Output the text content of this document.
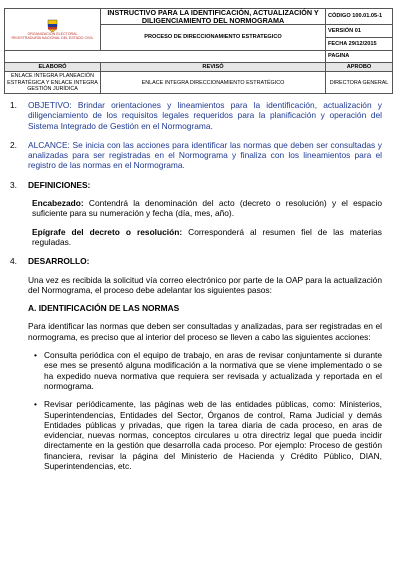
ORGANIZACIÓN ELECTORAL
REGISTRADURÍA NACIONAL DEL ESTADO CIVIL	INSTRUCTIVO PARA LA IDENTIFICACIÓN, ACTUALIZACIÓN Y DILIGENCIAMIENTO DEL NORMOGRAMA	CÓDIGO 100.01.05-1
	PROCESO DE DIRECCIONAMIENTO ESTRATEGICO	VERSIÓN 01
		FECHA 29/12/2015
		PAGINA
ELABORÓ	REVISÓ	APROBO
ENLACE INTEGRA PLANEACIÓN ESTRATÉGICA Y ENLACE INTEGRA GESTIÓN JURÍDICA	ENLACE INTEGRA DIRECCIONAMIENTO ESTRATÉGICO	DIRECTORA GENERAL
1. OBJETIVO: Brindar orientaciones y lineamientos para la identificación, actualización y diligenciamiento de los requisitos legales requeridos para la planificación y operación del Sistema Integrado de Gestión en el Normograma.
2. ALCANCE: Se inicia con las acciones para identificar las normas que deben ser consultadas y analizadas para ser registradas en el Normograma y finaliza con los lineamientos para el registro de las normas en el Normograma.
3. DEFINICIONES:
Encabezado: Contendrá la denominación del acto (decreto o resolución) y el espacio suficiente para su numeración y fecha (día, mes, año).
Epígrafe del decreto o resolución: Corresponderá al resumen fiel de las materias reguladas.
4. DESARROLLO:
Una vez es recibida la solicitud vía correo electrónico por parte de la OAP para la actualización del Normograma, el proceso debe adelantar los siguientes pasos:
A. IDENTIFICACIÓN DE LAS NORMAS
Para identificar las normas que deben ser consultadas y analizadas, para ser registradas en el normograma, es preciso que al interior del proceso se lleven a cabo las siguientes acciones:
• Consulta periódica con el equipo de trabajo, en aras de revisar conjuntamente si durante ese mes se presentó alguna modificación a la normativa que se viene implementado o se ha expedido nueva normativa que requiera ser revisada y actualizada y reportada en el normograma.
• Revisar periódicamente, las páginas web de las entidades públicas, como: Ministerios, Superintendencias, Entidades del Sector, Órganos de control, Rama Judicial y demás Entidades públicas y privadas, que rigen la tarea diaria de cada proceso, en aras de evidenciar, nuevas normas, conceptos circulares u otra directriz legal que pueda incidir directamente en la gestión que desarrolla cada proceso. Por ejemplo: Proceso de gestión financiera, revisar la página del Ministerio de Hacienda y Crédito Público, DIAN, Superintendencias, etc.
